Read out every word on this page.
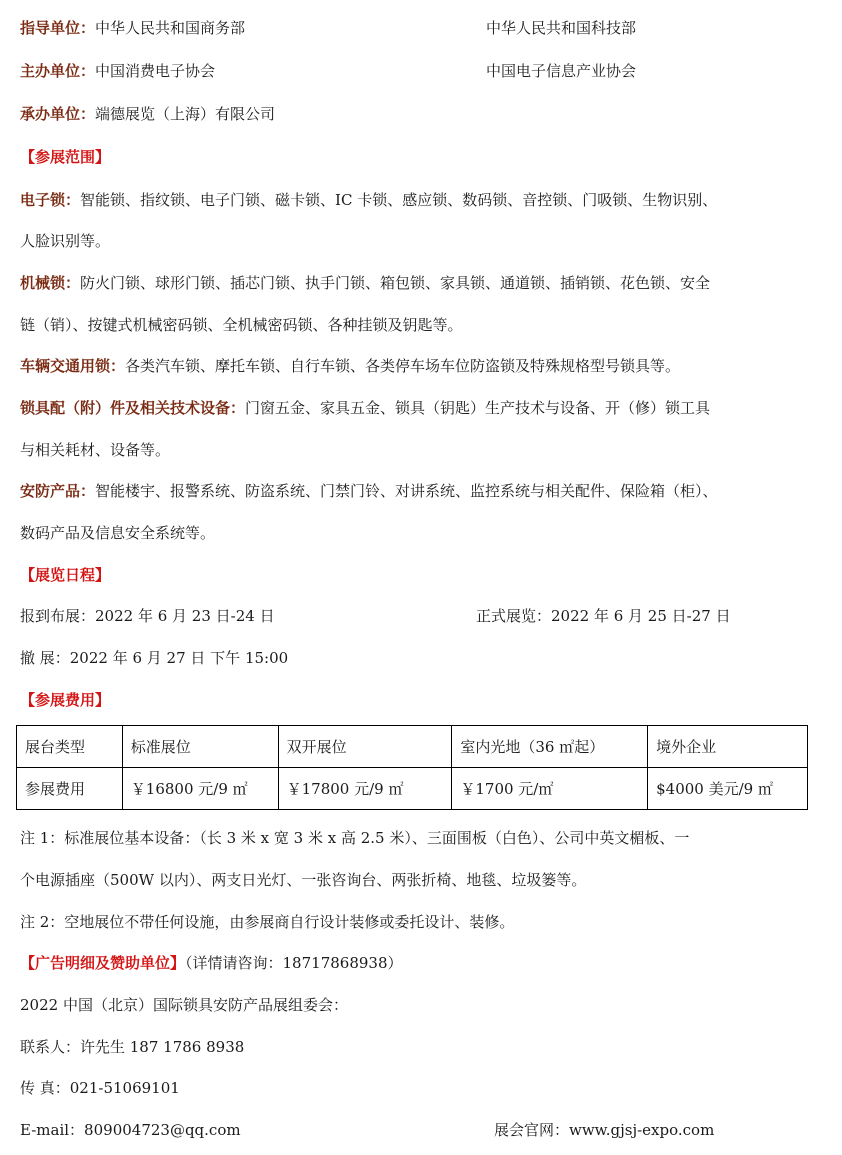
指导单位：中华人民共和国商务部	中华人民共和国科技部
主办单位：中国消费电子协会	中国电子信息产业协会
承办单位：端德展览（上海）有限公司
【参展范围】
电子锁：智能锁、指纹锁、电子门锁、磁卡锁、IC 卡锁、感应锁、数码锁、音控锁、门吸锁、生物识别、
人脸识别等。
机械锁：防火门锁、球形门锁、插芯门锁、执手门锁、箱包锁、家具锁、通道锁、插销锁、花色锁、安全
链（销）、按键式机械密码锁、全机械密码锁、各种挂锁及钥匙等。
车辆交通用锁：各类汽车锁、摩托车锁、自行车锁、各类停车场车位防盗锁及特殊规格型号锁具等。
锁具配（附）件及相关技术设备：门窗五金、家具五金、锁具（钥匙）生产技术与设备、开（修）锁工具
与相关耗材、设备等。
安防产品：智能楼宇、报警系统、防盗系统、门禁门铃、对讲系统、监控系统与相关配件、保险箱（柜）、
数码产品及信息安全系统等。
【展览日程】
报到布展：2022 年 6 月 23 日-24 日	正式展览：2022 年 6 月 25 日-27 日
撤 展：2022 年 6 月 27 日 下午 15:00
【参展费用】
展台类型	标准展位	双开展位	室内光地（36 ㎡起）	境外企业
参展费用	￥16800 元/9 ㎡	￥17800 元/9 ㎡	￥1700 元/㎡	$4000 美元/9 ㎡
注 1：标准展位基本设备：（长 3 米 x 宽 3 米 x 高 2.5 米）、三面围板（白色）、公司中英文楣板、一
个电源插座（500W 以内）、两支日光灯、一张咨询台、两张折椅、地毯、垃圾篓等。
注 2：空地展位不带任何设施，由参展商自行设计装修或委托设计、装修。
【广告明细及赞助单位】（详情请咨询：18717868938）
2022 中国（北京）国际锁具安防产品展组委会：
联系人：许先生 187 1786 8938
传 真：021-51069101
E-mail：809004723@qq.com	展会官网：www.gjsj-expo.com
